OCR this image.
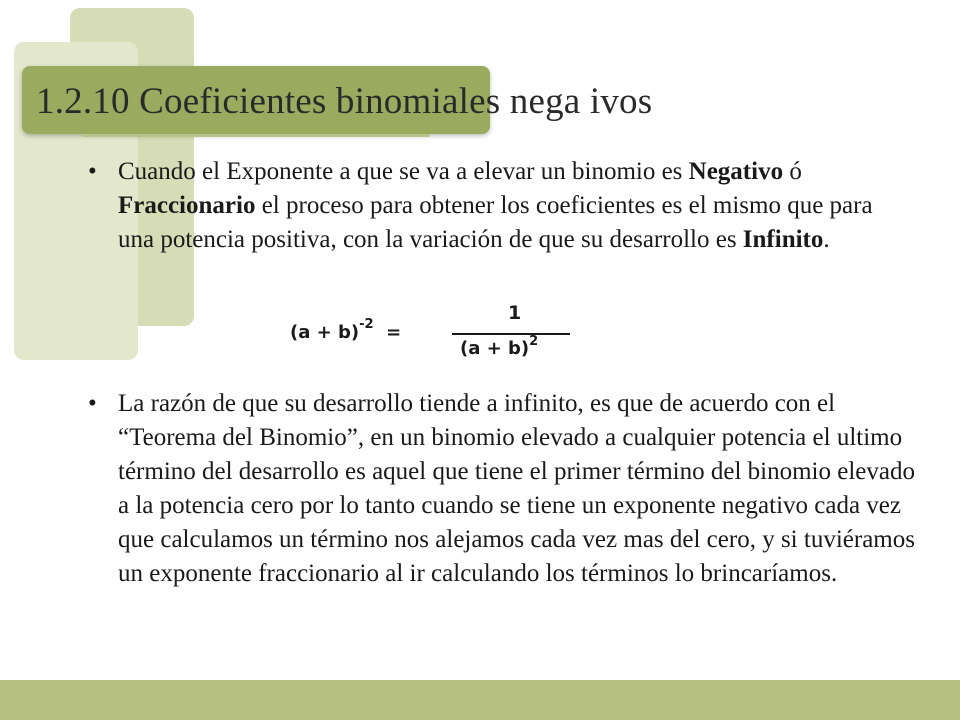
1.2.10 Coeficientes binomiales nega ivos
• Cuando el Exponente a que se va a elevar un binomio es Negativo ó Fraccionario el proceso para obtener los coeficientes es el mismo que para una potencia positiva, con la variación de que su desarrollo es Infinito.

• La razón de que su desarrollo tiende a infinito, es que de acuerdo con el “Teorema del Binomio”, en un binomio elevado a cualquier potencia el ultimo término del desarrollo es aquel que tiene el primer término del binomio elevado a la potencia cero por lo tanto cuando se tiene un exponente negativo cada vez que calculamos un término nos alejamos cada vez mas del cero, y si tuviéramos un exponente fraccionario al ir calculando los términos lo brincaríamos.

$(a + b)^{-2}$ =
1
$(a + b)^2$
